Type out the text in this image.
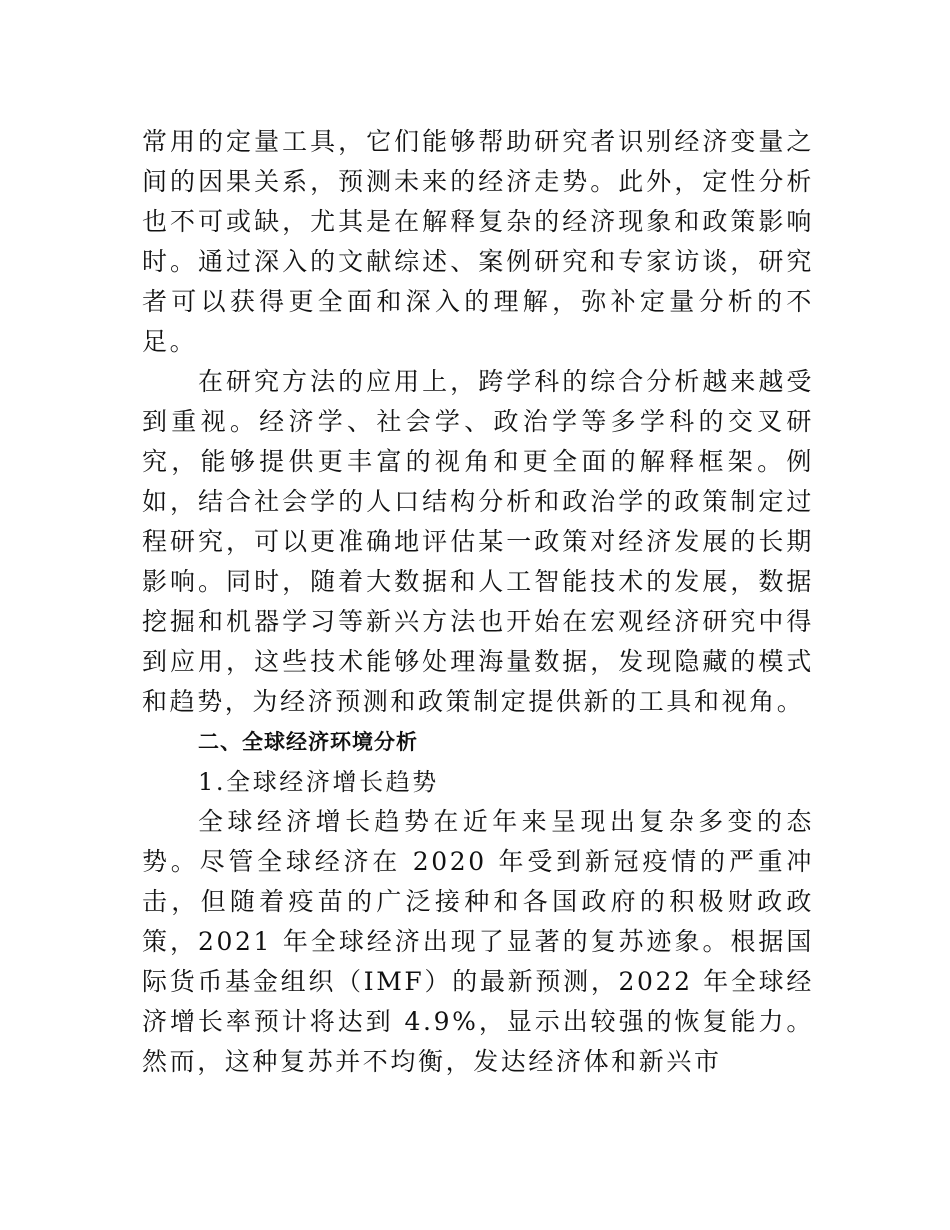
常用的定量工具，它们能够帮助研究者识别经济变量之间的因果关系，预测未来的经济走势。此外，定性分析也不可或缺，尤其是在解释复杂的经济现象和政策影响时。通过深入的文献综述、案例研究和专家访谈，研究者可以获得更全面和深入的理解，弥补定量分析的不足。

在研究方法的应用上，跨学科的综合分析越来越受到重视。经济学、社会学、政治学等多学科的交叉研究，能够提供更丰富的视角和更全面的解释框架。例如，结合社会学的人口结构分析和政治学的政策制定过程研究，可以更准确地评估某一政策对经济发展的长期影响。同时，随着大数据和人工智能技术的发展，数据挖掘和机器学习等新兴方法也开始在宏观经济研究中得到应用，这些技术能够处理海量数据，发现隐藏的模式和趋势，为经济预测和政策制定提供新的工具和视角。

二、全球经济环境分析

1.全球经济增长趋势

全球经济增长趋势在近年来呈现出复杂多变的态势。尽管全球经济在 2020 年受到新冠疫情的严重冲击，但随着疫苗的广泛接种和各国政府的积极财政政策，2021 年全球经济出现了显著的复苏迹象。根据国际货币基金组织（IMF）的最新预测，2022 年全球经济增长率预计将达到 4.9%，显示出较强的恢复能力。然而，这种复苏并不均衡，发达经济体和新兴市
